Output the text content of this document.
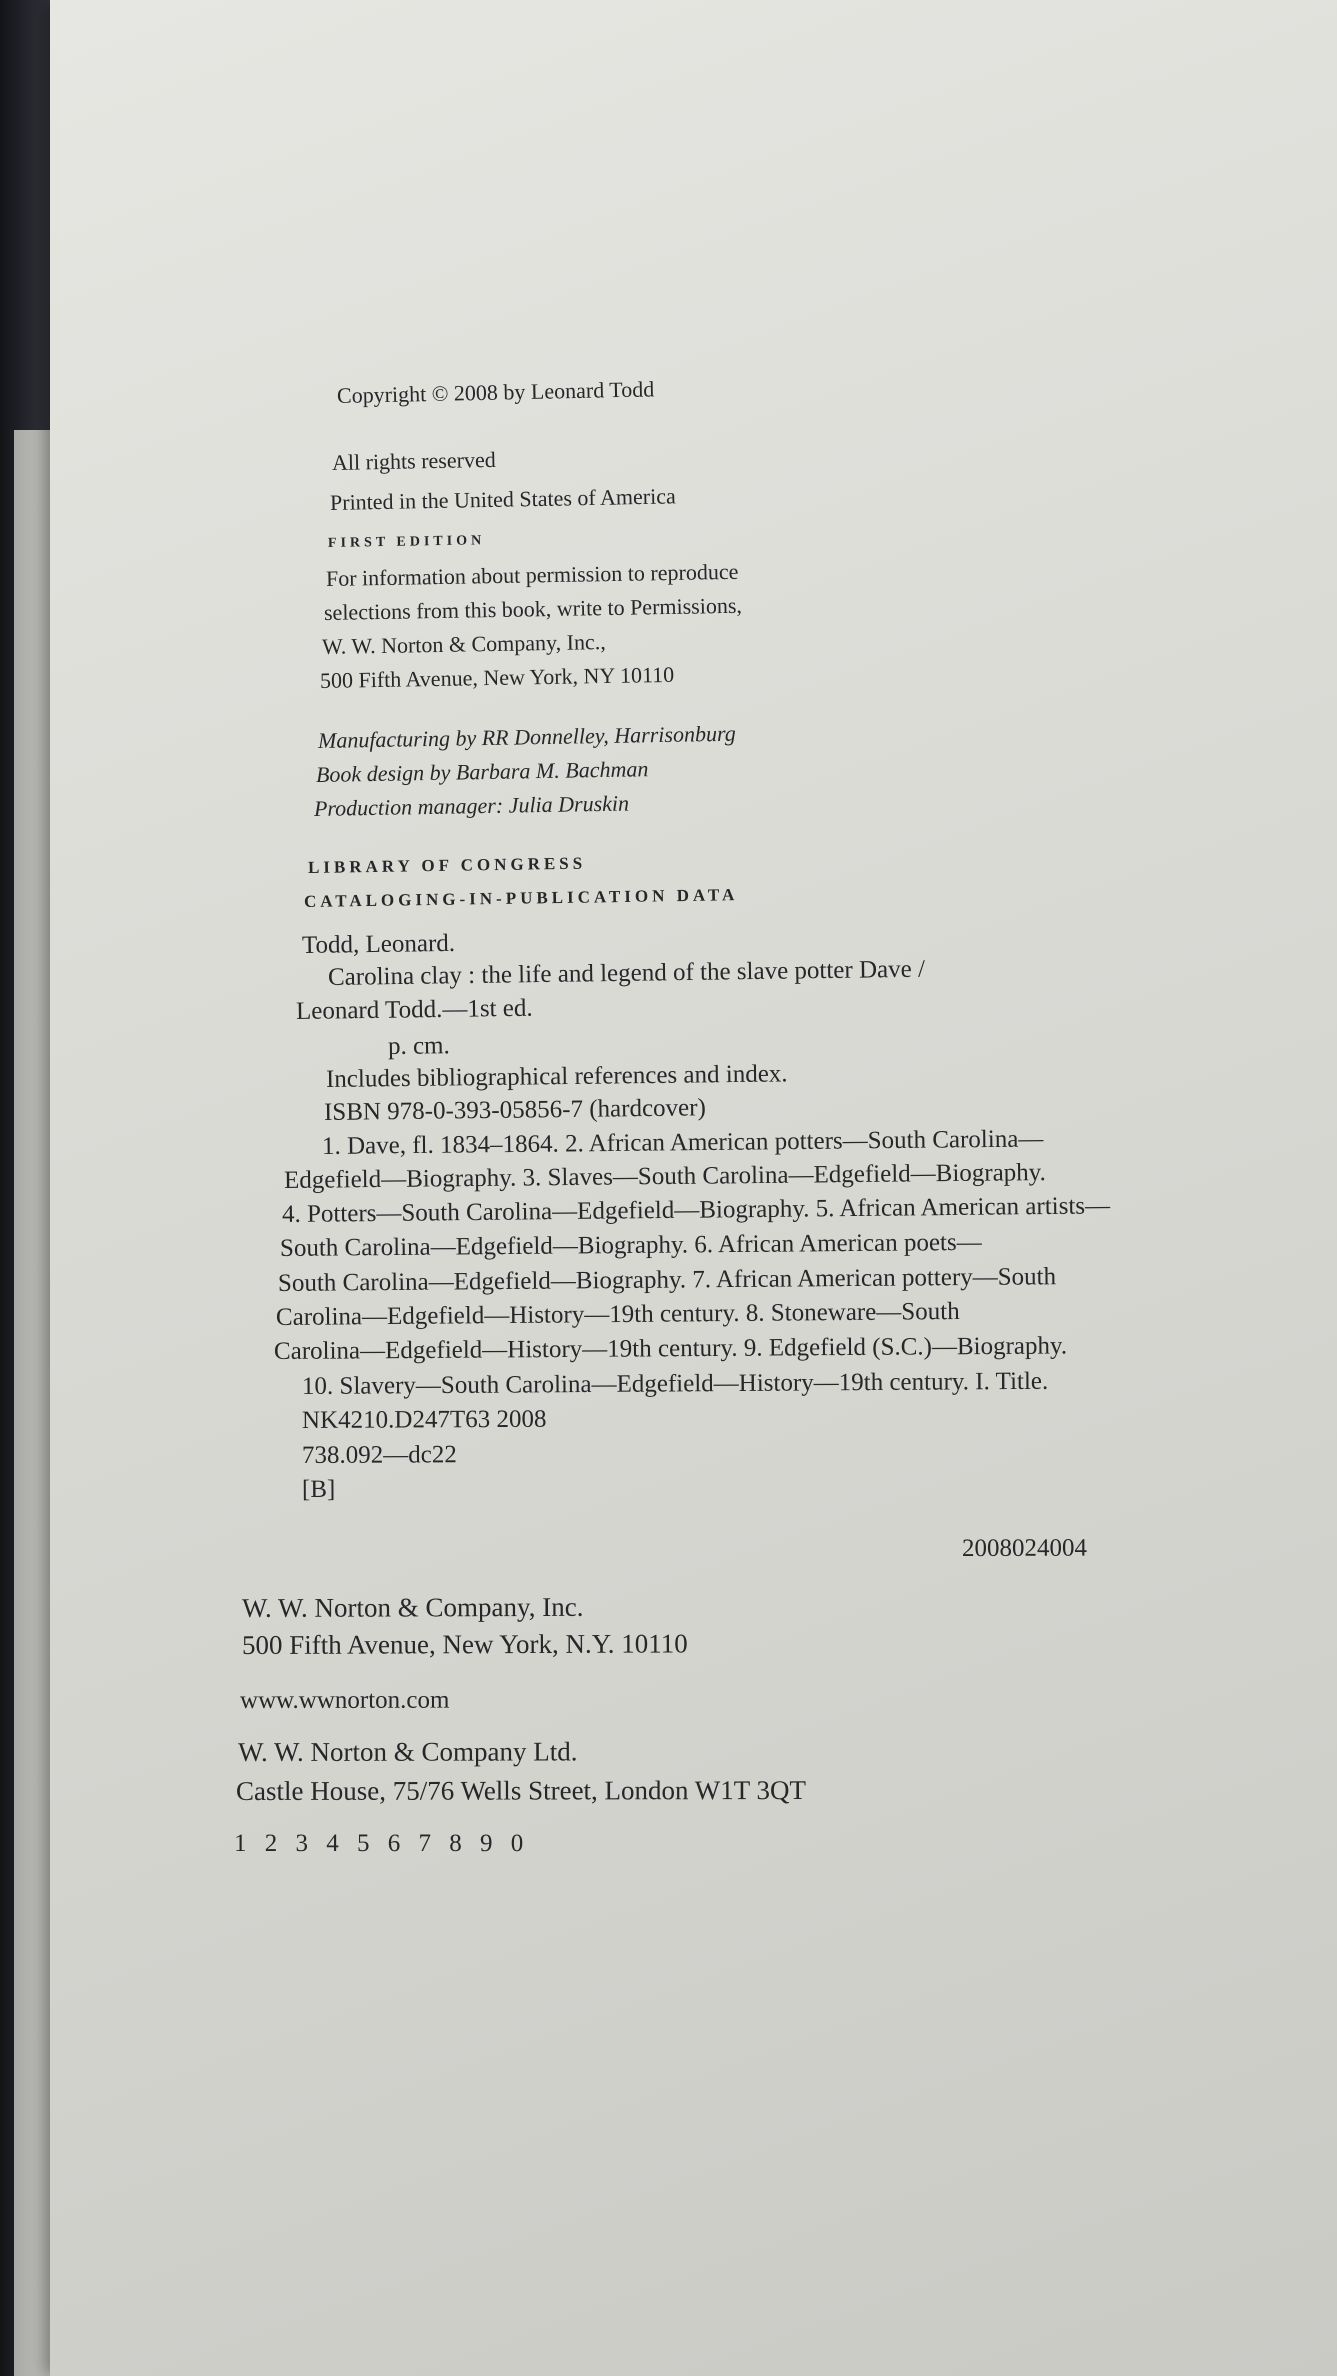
Copyright © 2008 by Leonard Todd
All rights reserved
Printed in the United States of America
FIRST EDITION
For information about permission to reproduce
selections from this book, write to Permissions,
W. W. Norton & Company, Inc.,
500 Fifth Avenue, New York, NY 10110
Manufacturing by RR Donnelley, Harrisonburg
Book design by Barbara M. Bachman
Production manager: Julia Druskin
LIBRARY OF CONGRESS
CATALOGING-IN-PUBLICATION DATA
Todd, Leonard.
Carolina clay : the life and legend of the slave potter Dave /
Leonard Todd.—1st ed.
p. cm.
Includes bibliographical references and index.
ISBN 978-0-393-05856-7 (hardcover)
1. Dave, fl. 1834–1864. 2. African American potters—South Carolina—
Edgefield—Biography. 3. Slaves—South Carolina—Edgefield—Biography.
4. Potters—South Carolina—Edgefield—Biography. 5. African American artists—
South Carolina—Edgefield—Biography. 6. African American poets—
South Carolina—Edgefield—Biography. 7. African American pottery—South
Carolina—Edgefield—History—19th century. 8. Stoneware—South
Carolina—Edgefield—History—19th century. 9. Edgefield (S.C.)—Biography.
10. Slavery—South Carolina—Edgefield—History—19th century. I. Title.
NK4210.D247T63 2008
738.092—dc22
[B]
2008024004
W. W. Norton & Company, Inc.
500 Fifth Avenue, New York, N.Y. 10110
www.wwnorton.com
W. W. Norton & Company Ltd.
Castle House, 75/76 Wells Street, London W1T 3QT
1 2 3 4 5 6 7 8 9 0
